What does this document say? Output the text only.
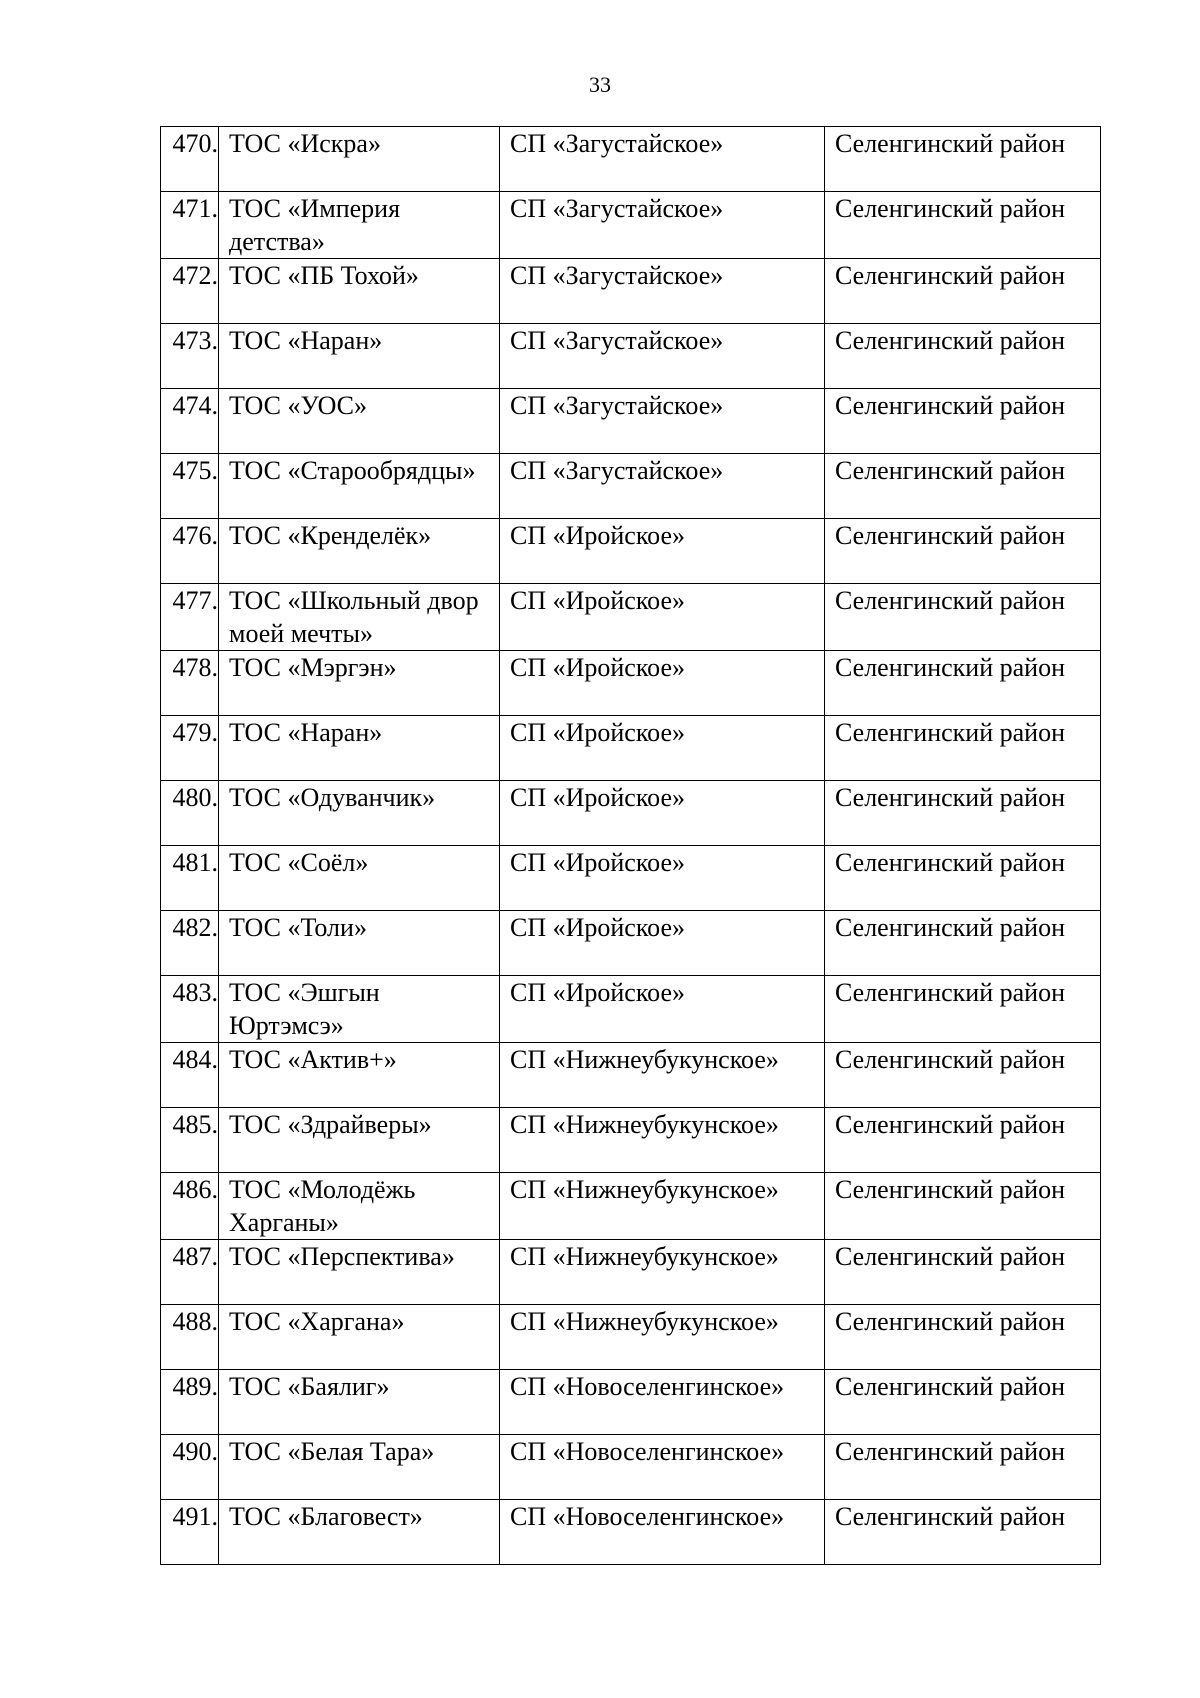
33
470.	ТОС «Искра»	СП «Загустайское»	Селенгинский район

471.	ТОС «Империя детства»	СП «Загустайское»	Селенгинский район

472.	ТОС «ПБ Тохой»	СП «Загустайское»	Селенгинский район

473.	ТОС «Наран»	СП «Загустайское»	Селенгинский район

474.	ТОС «УОС»	СП «Загустайское»	Селенгинский район

475.	ТОС «Старообрядцы»	СП «Загустайское»	Селенгинский район

476.	ТОС «Кренделёк»	СП «Иройское»	Селенгинский район

477.	ТОС «Школьный двор моей мечты»	СП «Иройское»	Селенгинский район

478.	ТОС «Мэргэн»	СП «Иройское»	Селенгинский район

479.	ТОС «Наран»	СП «Иройское»	Селенгинский район

480.	ТОС «Одуванчик»	СП «Иройское»	Селенгинский район

481.	ТОС «Соёл»	СП «Иройское»	Селенгинский район

482.	ТОС «Толи»	СП «Иройское»	Селенгинский район

483.	ТОС «Эшгын Юртэмсэ»	СП «Иройское»	Селенгинский район

484.	ТОС «Актив+»	СП «Нижнеубукунское»	Селенгинский район

485.	ТОС «Здрайверы»	СП «Нижнеубукунское»	Селенгинский район

486.	ТОС «Молодёжь Харганы»	СП «Нижнеубукунское»	Селенгинский район

487.	ТОС «Перспектива»	СП «Нижнеубукунское»	Селенгинский район

488.	ТОС «Харгана»	СП «Нижнеубукунское»	Селенгинский район

489.	ТОС «Баялиг»	СП «Новоселенгинское»	Селенгинский район

490.	ТОС «Белая Тара»	СП «Новоселенгинское»	Селенгинский район

491.	ТОС «Благовест»	СП «Новоселенгинское»	Селенгинский район
